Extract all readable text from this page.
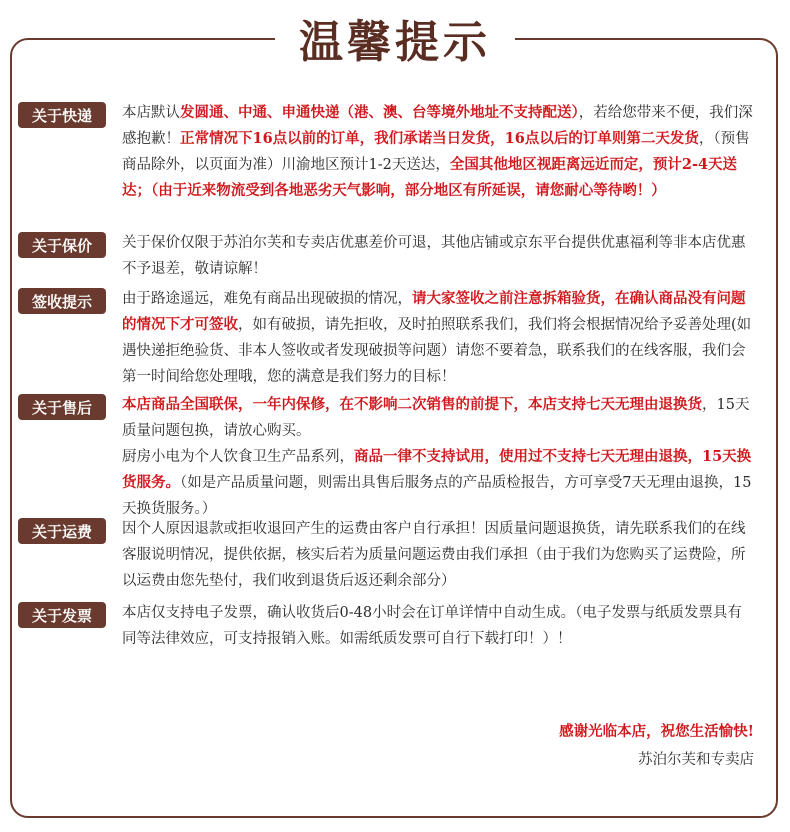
温馨提示
关于快递	本店默认发圆通、中通、申通快递（港、澳、台等境外地址不支持配送），若给您带来不便，我们深感抱歉！正常情况下16点以前的订单，我们承诺当日发货，16点以后的订单则第二天发货，（预售商品除外，以页面为准）川渝地区预计1-2天送达，全国其他地区视距离远近而定，预计2-4天送达；（由于近来物流受到各地恶劣天气影响，部分地区有所延误，请您耐心等待哟！）
关于保价	关于保价仅限于苏泊尔芙和专卖店优惠差价可退，其他店铺或京东平台提供优惠福利等非本店优惠不予退差，敬请谅解！
签收提示	由于路途遥远，难免有商品出现破损的情况，请大家签收之前注意拆箱验货，在确认商品没有问题的情况下才可签收，如有破损，请先拒收，及时拍照联系我们，我们将会根据情况给予妥善处理(如遇快递拒绝验货、非本人签收或者发现破损等问题）请您不要着急，联系我们的在线客服，我们会第一时间给您处理哦，您的满意是我们努力的目标！
关于售后	本店商品全国联保，一年内保修，在不影响二次销售的前提下，本店支持七天无理由退换货，15天质量问题包换，请放心购买。
厨房小电为个人饮食卫生产品系列，商品一律不支持试用，使用过不支持七天无理由退换，15天换货服务。（如是产品质量问题，则需出具售后服务点的产品质检报告，方可享受7天无理由退换，15天换货服务。）
关于运费	因个人原因退款或拒收退回产生的运费由客户自行承担！因质量问题退换货，请先联系我们的在线客服说明情况，提供依据，核实后若为质量问题运费由我们承担（由于我们为您购买了运费险，所以运费由您先垫付，我们收到退货后返还剩余部分）
关于发票	本店仅支持电子发票，确认收货后0-48小时会在订单详情中自动生成。（电子发票与纸质发票具有同等法律效应，可支持报销入账。如需纸质发票可自行下载打印！）！
感谢光临本店，祝您生活愉快!
苏泊尔芙和专卖店
